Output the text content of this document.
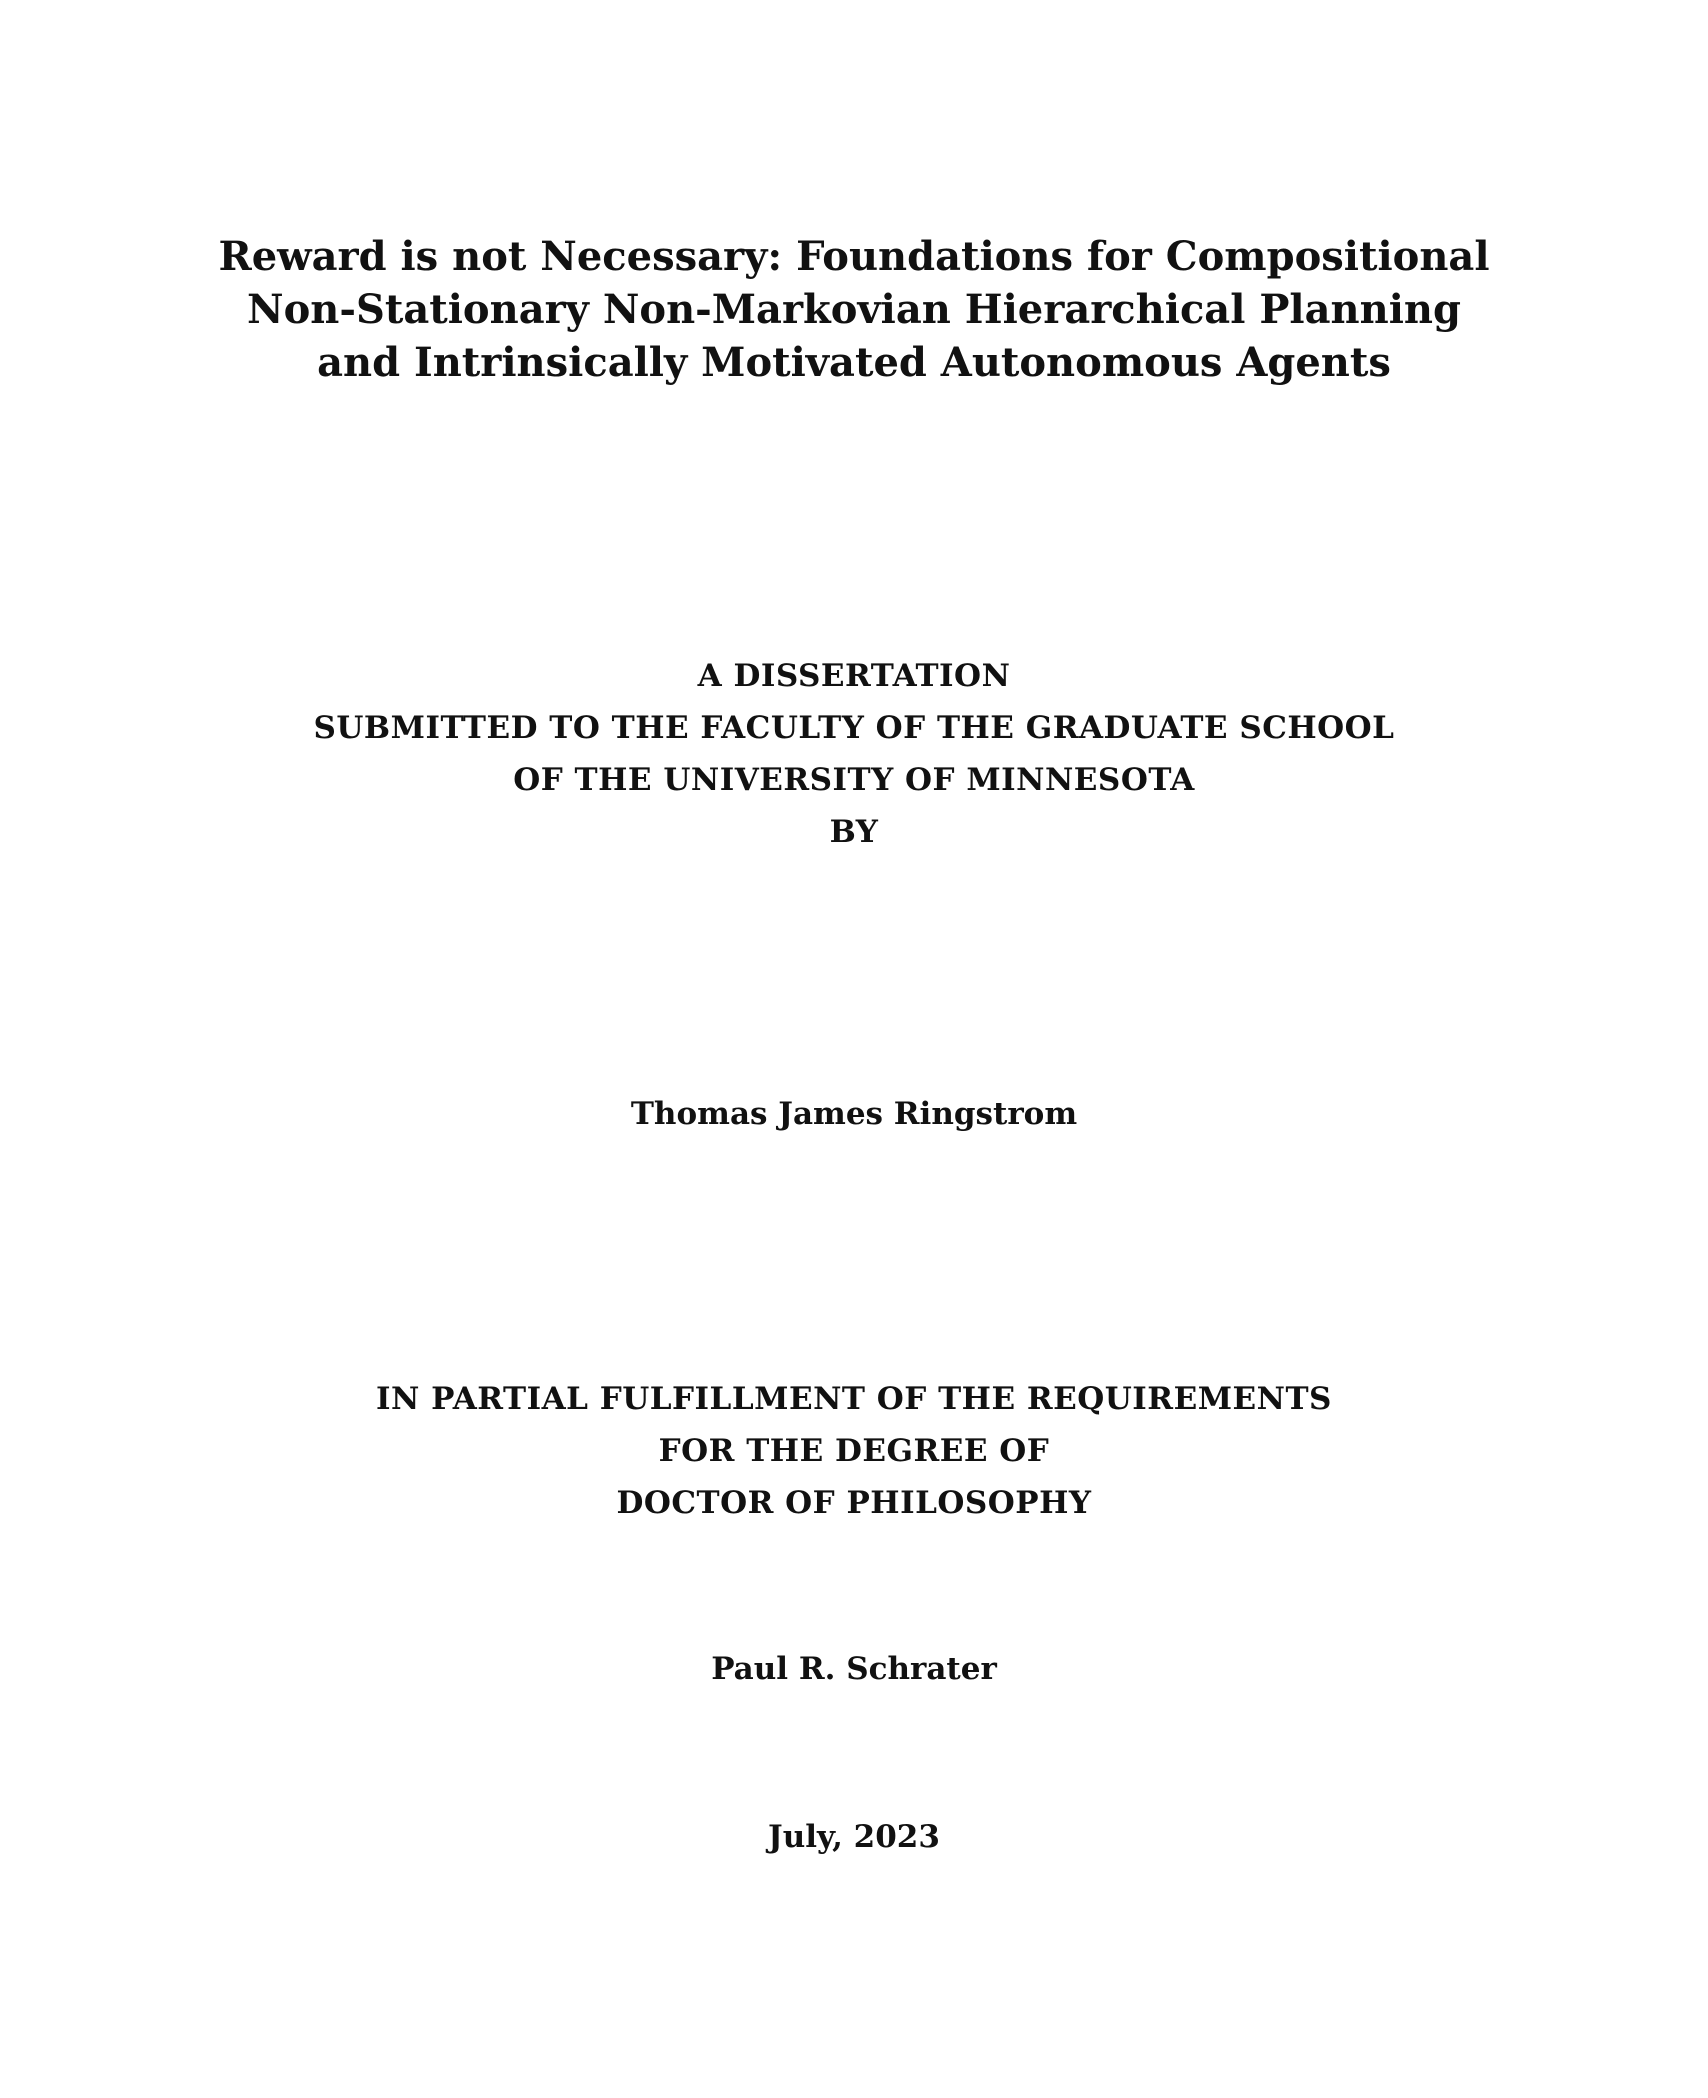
Reward is not Necessary: Foundations for Compositional
Non-Stationary Non-Markovian Hierarchical Planning
and Intrinsically Motivated Autonomous Agents
A DISSERTATION
SUBMITTED TO THE FACULTY OF THE GRADUATE SCHOOL
OF THE UNIVERSITY OF MINNESOTA
BY
Thomas James Ringstrom
IN PARTIAL FULFILLMENT OF THE REQUIREMENTS
FOR THE DEGREE OF
DOCTOR OF PHILOSOPHY
Paul R. Schrater
July, 2023
